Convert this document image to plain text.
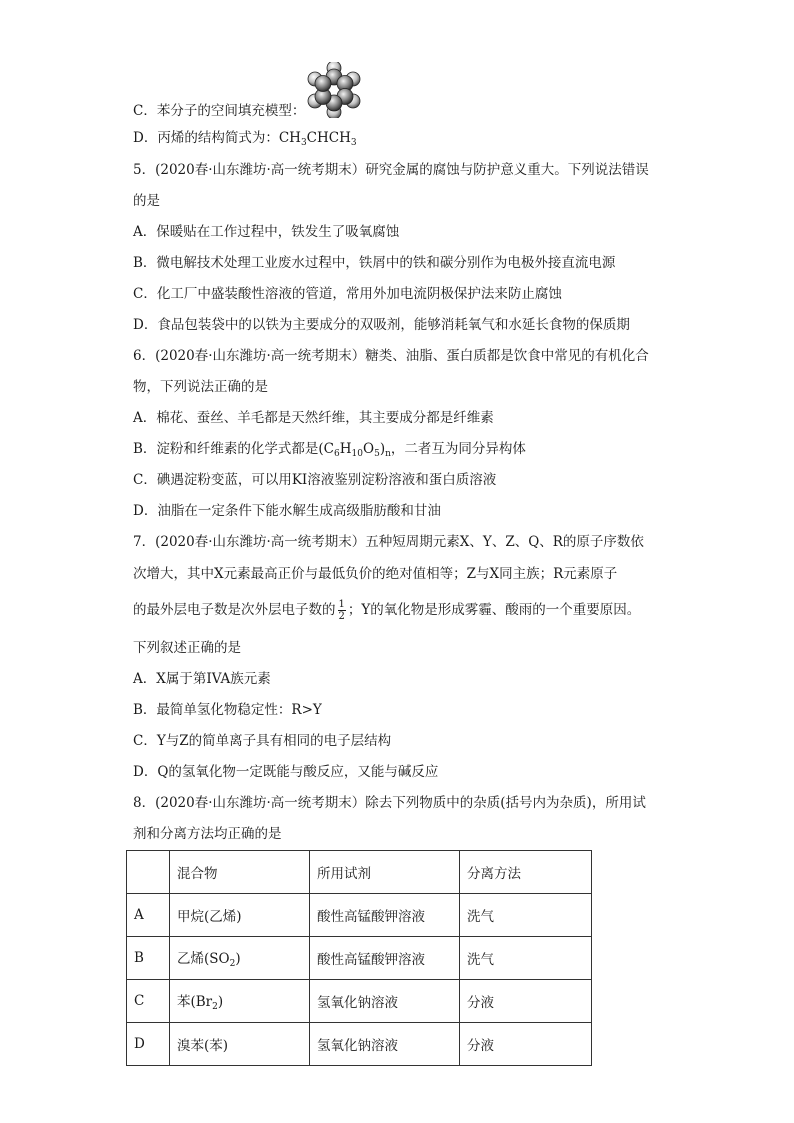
C．苯分子的空间填充模型：
D．丙烯的结构简式为：$CH_3CHCH_3$
5．(2020春·山东潍坊·高一统考期末）研究金属的腐蚀与防护意义重大。下列说法错误
的是
A．保暖贴在工作过程中，铁发生了吸氧腐蚀
B．微电解技术处理工业废水过程中，铁屑中的铁和碳分别作为电极外接直流电源
C．化工厂中盛装酸性溶液的管道，常用外加电流阴极保护法来防止腐蚀
D．食品包装袋中的以铁为主要成分的双吸剂，能够消耗氧气和水延长食物的保质期
6．(2020春·山东潍坊·高一统考期末）糖类、油脂、蛋白质都是饮食中常见的有机化合
物，下列说法正确的是
A．棉花、蚕丝、羊毛都是天然纤维，其主要成分都是纤维素
B．淀粉和纤维素的化学式都是$(C_6H_{10}O_5)_n$，二者互为同分异构体
C．碘遇淀粉变蓝，可以用KI溶液鉴别淀粉溶液和蛋白质溶液
D．油脂在一定条件下能水解生成高级脂肪酸和甘油
7．(2020春·山东潍坊·高一统考期末）五种短周期元素X、Y、Z、Q、R的原子序数依
次增大，其中X元素最高正价与最低负价的绝对值相等；Z与X同主族；R元素原子
的最外层电子数是次外层电子数的 $\frac{1}{2}$ ；Y的氧化物是形成雾霾、酸雨的一个重要原因。
下列叙述正确的是
A．X属于第IVA族元素
B．最简单氢化物稳定性：R>Y
C．Y与Z的简单离子具有相同的电子层结构
D．Q的氢氧化物一定既能与酸反应，又能与碱反应
8．(2020春·山东潍坊·高一统考期末）除去下列物质中的杂质(括号内为杂质)，所用试
剂和分离方法均正确的是
	混合物	所用试剂	分离方法
A	甲烷(乙烯)	酸性高锰酸钾溶液	洗气
B	乙烯$(SO_2)$	酸性高锰酸钾溶液	洗气
C	苯$(Br_2)$	氢氧化钠溶液	分液
D	溴苯(苯)	氢氧化钠溶液	分液
